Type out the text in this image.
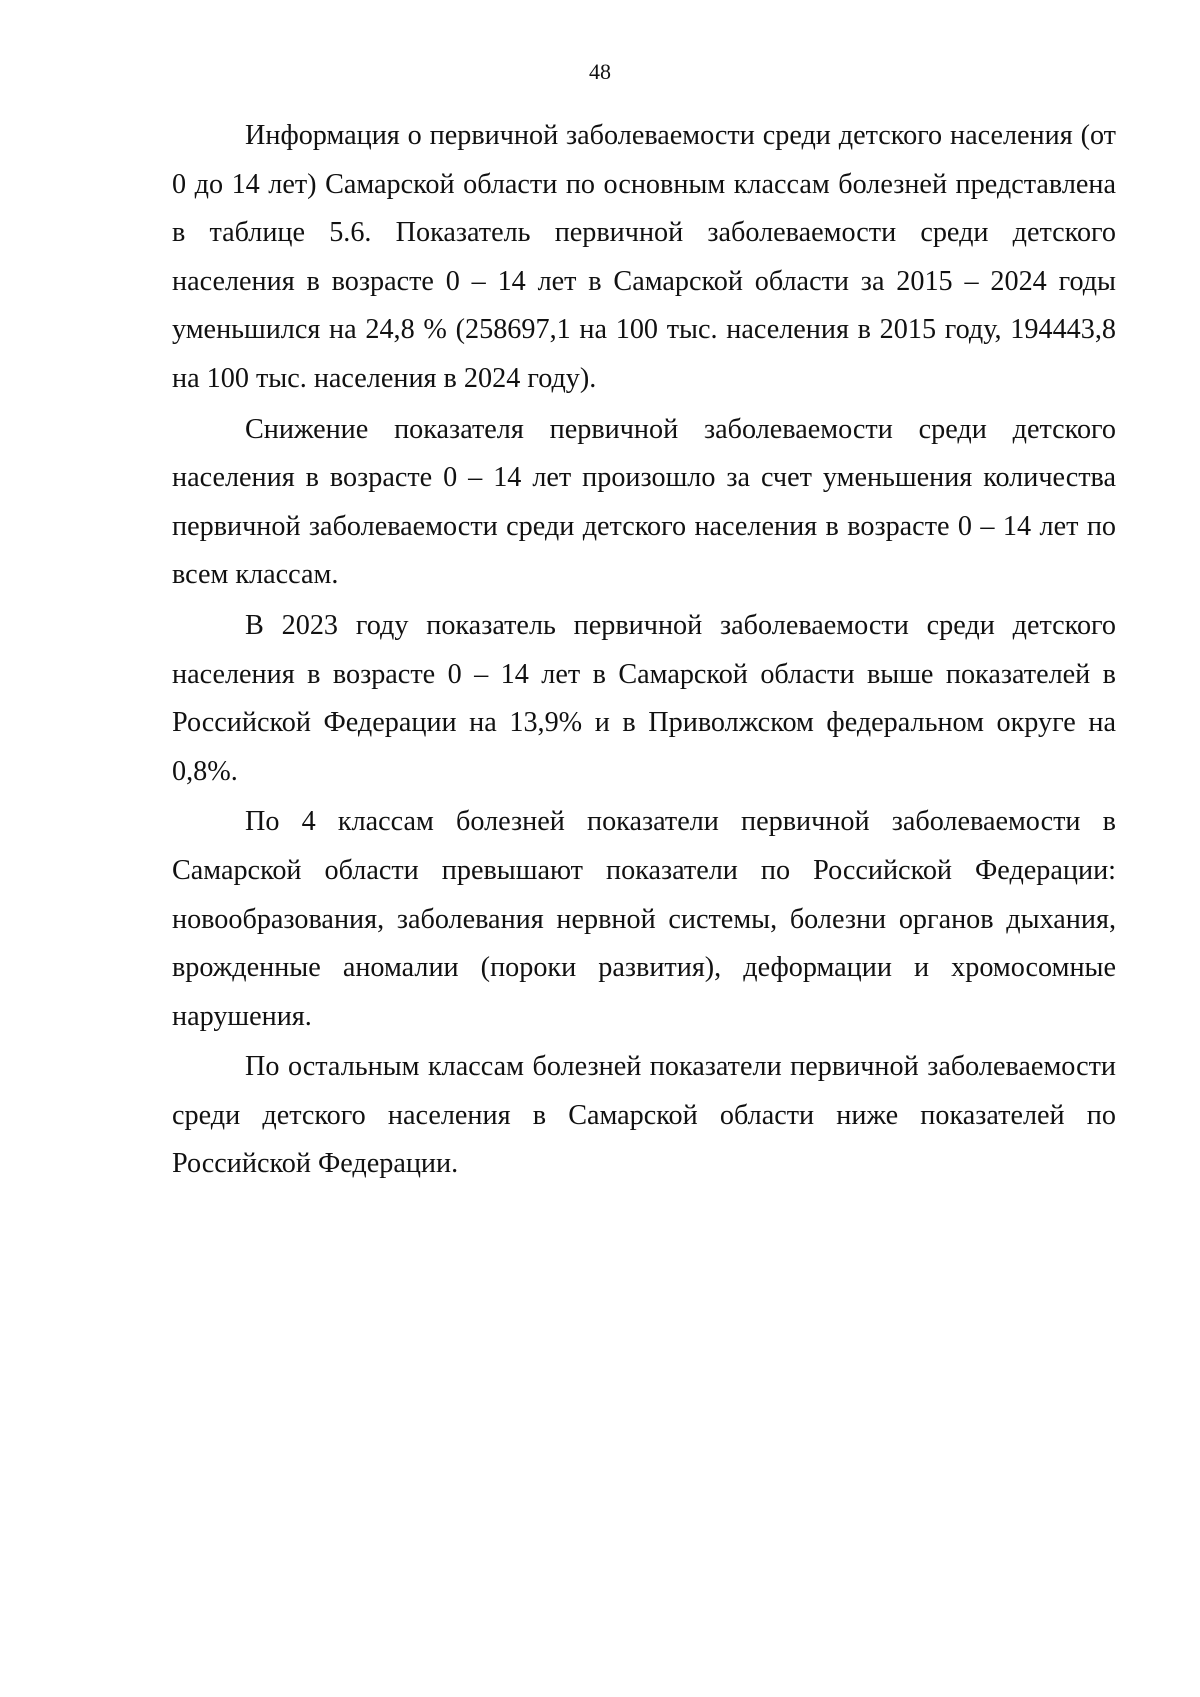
48

Информация о первичной заболеваемости среди детского населения (от 0 до 14 лет) Самарской области по основным классам болезней представлена в таблице 5.6. Показатель первичной заболеваемости среди детского населения в возрасте 0 – 14 лет в Самарской области за 2015 – 2024 годы уменьшился на 24,8 % (258697,1 на 100 тыс. населения в 2015 году, 194443,8 на 100 тыс. населения в 2024 году).

Снижение показателя первичной заболеваемости среди детского населения в возрасте 0 – 14 лет произошло за счет уменьшения количества первичной заболеваемости среди детского населения в возрасте 0 – 14 лет по всем классам.

В 2023 году показатель первичной заболеваемости среди детского населения в возрасте 0 – 14 лет в Самарской области выше показателей в Российской Федерации на 13,9% и в Приволжском федеральном округе на 0,8%.

По 4 классам болезней показатели первичной заболеваемости в Самарской области превышают показатели по Российской Федерации: новообразования, заболевания нервной системы, болезни органов дыхания, врожденные аномалии (пороки развития), деформации и хромосомные нарушения.

По остальным классам болезней показатели первичной заболеваемости среди детского населения в Самарской области ниже показателей по Российской Федерации.
